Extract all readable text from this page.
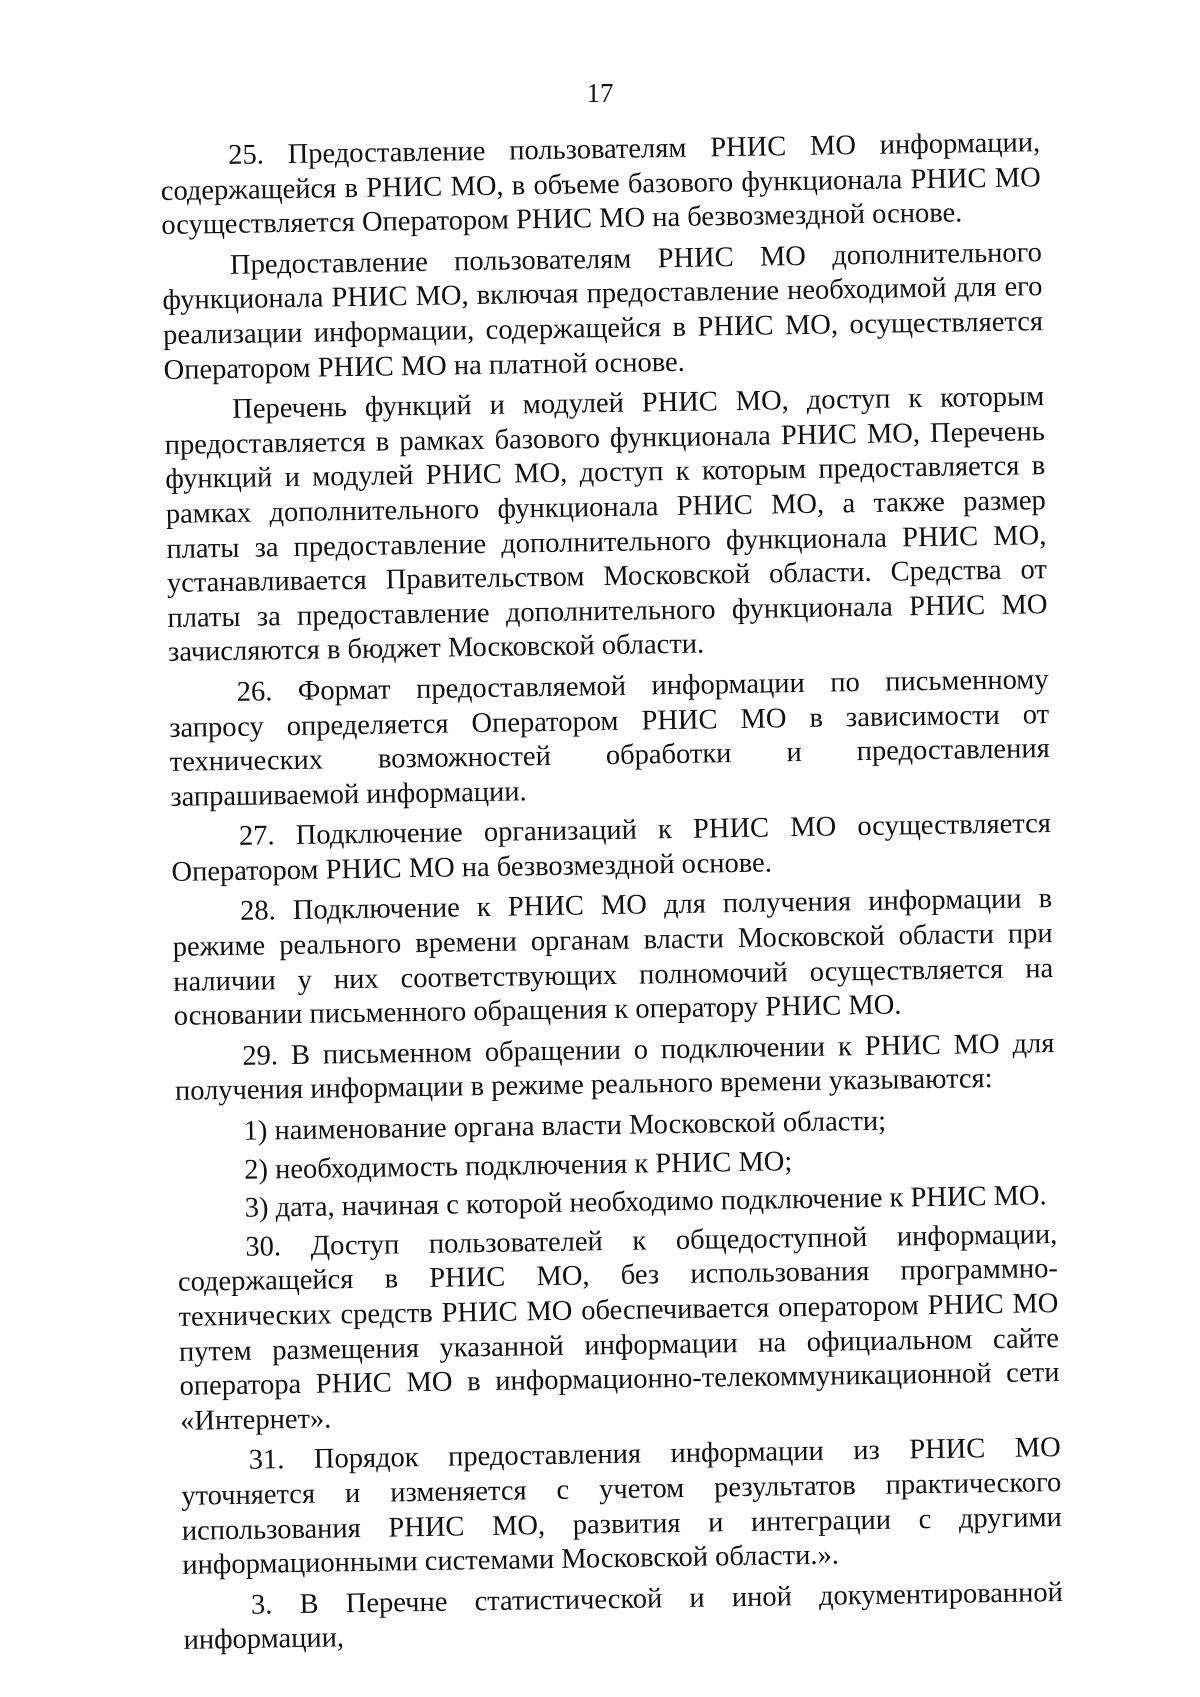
17

25. Предоставление пользователям РНИС МО информации, содержащейся в РНИС МО, в объеме базового функционала РНИС МО осуществляется Оператором РНИС МО на безвозмездной основе.

Предоставление пользователям РНИС МО дополнительного функционала РНИС МО, включая предоставление необходимой для его реализации информации, содержащейся в РНИС МО, осуществляется Оператором РНИС МО на платной основе.

Перечень функций и модулей РНИС МО, доступ к которым предоставляется в рамках базового функционала РНИС МО, Перечень функций и модулей РНИС МО, доступ к которым предоставляется в рамках дополнительного функционала РНИС МО, а также размер платы за предоставление дополнительного функционала РНИС МО, устанавливается Правительством Московской области. Средства от платы за предоставление дополнительного функционала РНИС МО зачисляются в бюджет Московской области.

26. Формат предоставляемой информации по письменному запросу определяется Оператором РНИС МО в зависимости от технических возможностей обработки и предоставления запрашиваемой информации.

27. Подключение организаций к РНИС МО осуществляется Оператором РНИС МО на безвозмездной основе.

28. Подключение к РНИС МО для получения информации в режиме реального времени органам власти Московской области при наличии у них соответствующих полномочий осуществляется на основании письменного обращения к оператору РНИС МО.

29. В письменном обращении о подключении к РНИС МО для получения информации в режиме реального времени указываются:

1) наименование органа власти Московской области;

2) необходимость подключения к РНИС МО;

3) дата, начиная с которой необходимо подключение к РНИС МО.

30. Доступ пользователей к общедоступной информации, содержащейся в РНИС МО, без использования программно-технических средств РНИС МО обеспечивается оператором РНИС МО путем размещения указанной информации на официальном сайте оператора РНИС МО в информационно-телекоммуникационной сети «Интернет».

31. Порядок предоставления информации из РНИС МО уточняется и изменяется с учетом результатов практического использования РНИС МО, развития и интеграции с другими информационными системами Московской области.».

3. В Перечне статистической и иной документированной информации,
